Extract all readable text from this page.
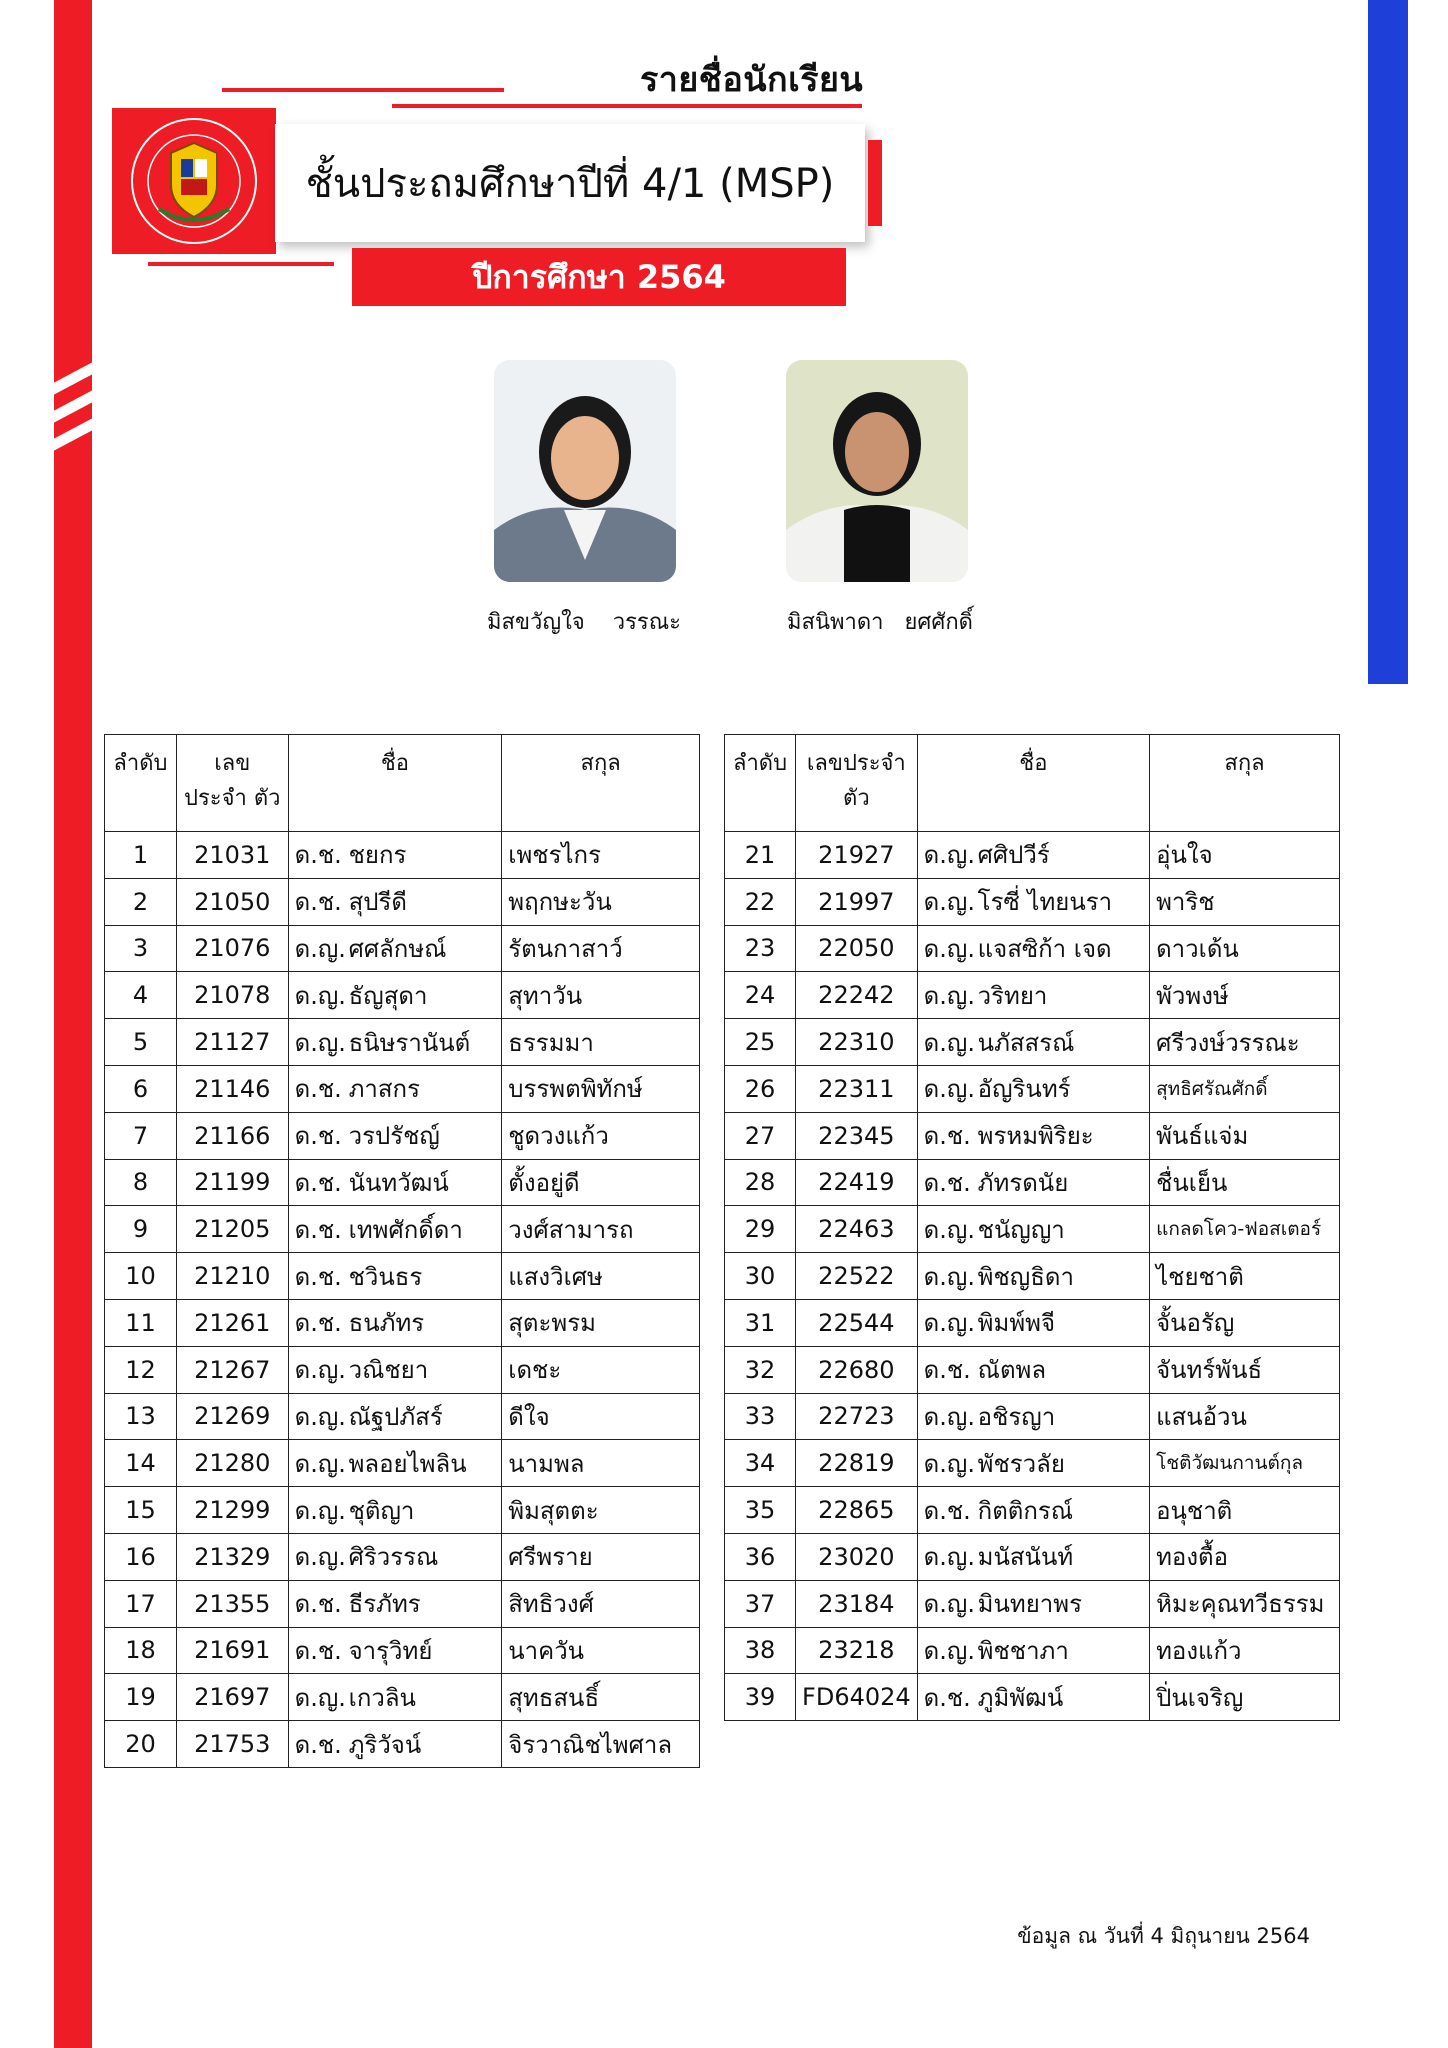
รายชื่อนักเรียน
ชั้นประถมศึกษาปีที่ 4/1 (MSP)
ปีการศึกษา 2564
มิสขวัญใจ วรรณะ	มิสนิพาดา ยศศักดิ์
ลำดับ	เลขประจำ ตัว	ชื่อ	สกุล
1	21031	ด.ช. ชยกร	เพชรไกร
2	21050	ด.ช. สุปรีดี	พฤกษะวัน
3	21076	ด.ญ. ศศลักษณ์	รัตนกาสาว์
4	21078	ด.ญ. ธัญสุดา	สุทาวัน
5	21127	ด.ญ. ธนิษรานันต์	ธรรมมา
6	21146	ด.ช. ภาสกร	บรรพตพิทักษ์
7	21166	ด.ช. วรปรัชญ์	ชูดวงแก้ว
8	21199	ด.ช. นันทวัฒน์	ตั้งอยู่ดี
9	21205	ด.ช. เทพศักดิ์ดา	วงศ์สามารถ
10	21210	ด.ช. ชวินธร	แสงวิเศษ
11	21261	ด.ช. ธนภัทร	สุตะพรม
12	21267	ด.ญ. วณิชยา	เดชะ
13	21269	ด.ญ. ณัฐปภัสร์	ดีใจ
14	21280	ด.ญ. พลอยไพลิน	นามพล
15	21299	ด.ญ. ชุติญา	พิมสุตตะ
16	21329	ด.ญ. ศิริวรรณ	ศรีพราย
17	21355	ด.ช. ธีรภัทร	สิทธิวงศ์
18	21691	ด.ช. จารุวิทย์	นาควัน
19	21697	ด.ญ. เกวลิน	สุทธสนธิ์
20	21753	ด.ช. ภูริวัจน์	จิรวาณิชไพศาล
ลำดับ	เลขประจำ ตัว	ชื่อ	สกุล
21	21927	ด.ญ. ศศิปวีร์	อุ่นใจ
22	21997	ด.ญ. โรซี่ ไทยนรา	พาริช
23	22050	ด.ญ. แจสซิก้า เจด	ดาวเด้น
24	22242	ด.ญ. วริทยา	พัวพงษ์
25	22310	ด.ญ. นภัสสรณ์	ศรีวงษ์วรรณะ
26	22311	ด.ญ. อัญรินทร์	สุทธิศรัณศักดิ์
27	22345	ด.ช. พรหมพิริยะ	พันธ์แจ่ม
28	22419	ด.ช. ภัทรดนัย	ชื่นเย็น
29	22463	ด.ญ. ชนัญญา	แกลดโคว-ฟอสเตอร์
30	22522	ด.ญ. พิชญธิดา	ไชยชาติ
31	22544	ด.ญ. พิมพ์พจี	จั้นอรัญ
32	22680	ด.ช. ณัตพล	จันทร์พันธ์
33	22723	ด.ญ. อชิรญา	แสนอ้วน
34	22819	ด.ญ. พัชรวลัย	โชติวัฒนกานต์กุล
35	22865	ด.ช. กิตติกรณ์	อนุชาติ
36	23020	ด.ญ. มนัสนันท์	ทองตื้อ
37	23184	ด.ญ. มินทยาพร	หิมะคุณทวีธรรม
38	23218	ด.ญ. พิชชาภา	ทองแก้ว
39	FD64024	ด.ช. ภูมิพัฒน์	ปิ่นเจริญ
ข้อมูล ณ วันที่ 4 มิถุนายน 2564
